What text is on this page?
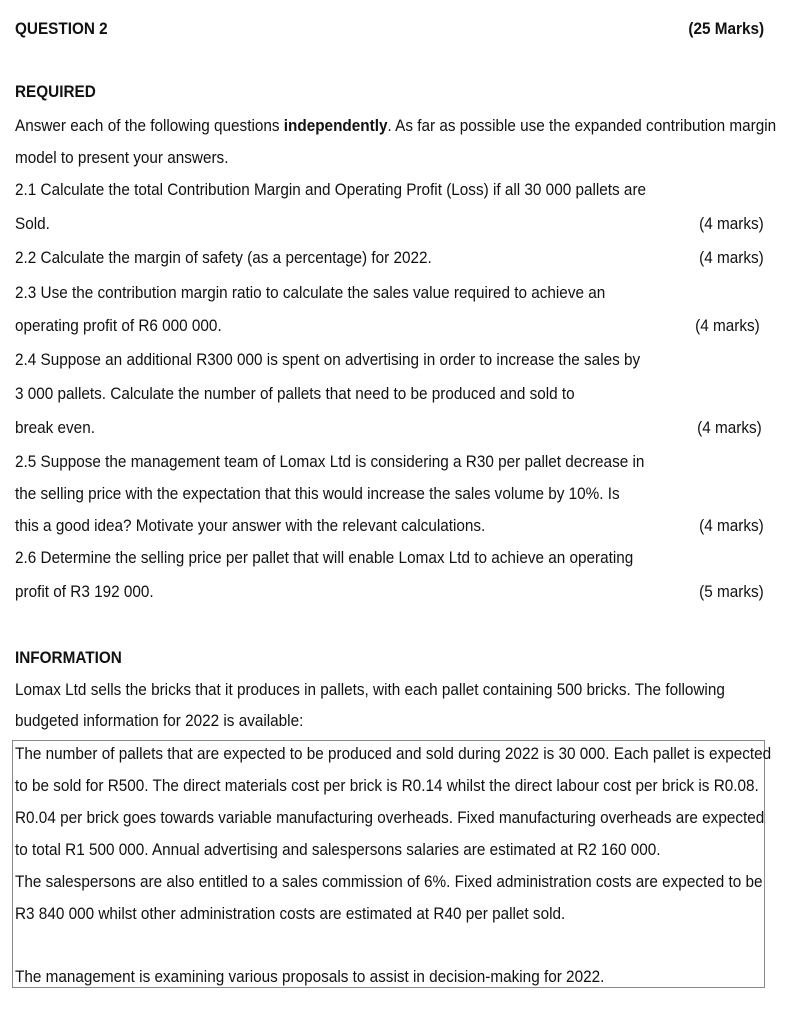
QUESTION 2	(25 Marks)
REQUIRED
Answer each of the following questions independently. As far as possible use the expanded contribution margin
model to present your answers.
2.1 Calculate the total Contribution Margin and Operating Profit (Loss) if all 30 000 pallets are
Sold.	(4 marks)
2.2 Calculate the margin of safety (as a percentage) for 2022.	(4 marks)
2.3 Use the contribution margin ratio to calculate the sales value required to achieve an
operating profit of R6 000 000.	(4 marks)
2.4 Suppose an additional R300 000 is spent on advertising in order to increase the sales by
3 000 pallets. Calculate the number of pallets that need to be produced and sold to
break even.	(4 marks)
2.5 Suppose the management team of Lomax Ltd is considering a R30 per pallet decrease in
the selling price with the expectation that this would increase the sales volume by 10%. Is
this a good idea? Motivate your answer with the relevant calculations.	(4 marks)
2.6 Determine the selling price per pallet that will enable Lomax Ltd to achieve an operating
profit of R3 192 000.	(5 marks)
INFORMATION
Lomax Ltd sells the bricks that it produces in pallets, with each pallet containing 500 bricks. The following
budgeted information for 2022 is available:
The number of pallets that are expected to be produced and sold during 2022 is 30 000. Each pallet is expected
to be sold for R500. The direct materials cost per brick is R0.14 whilst the direct labour cost per brick is R0.08.
R0.04 per brick goes towards variable manufacturing overheads. Fixed manufacturing overheads are expected
to total R1 500 000. Annual advertising and salespersons salaries are estimated at R2 160 000.
The salespersons are also entitled to a sales commission of 6%. Fixed administration costs are expected to be
R3 840 000 whilst other administration costs are estimated at R40 per pallet sold.
The management is examining various proposals to assist in decision-making for 2022.
